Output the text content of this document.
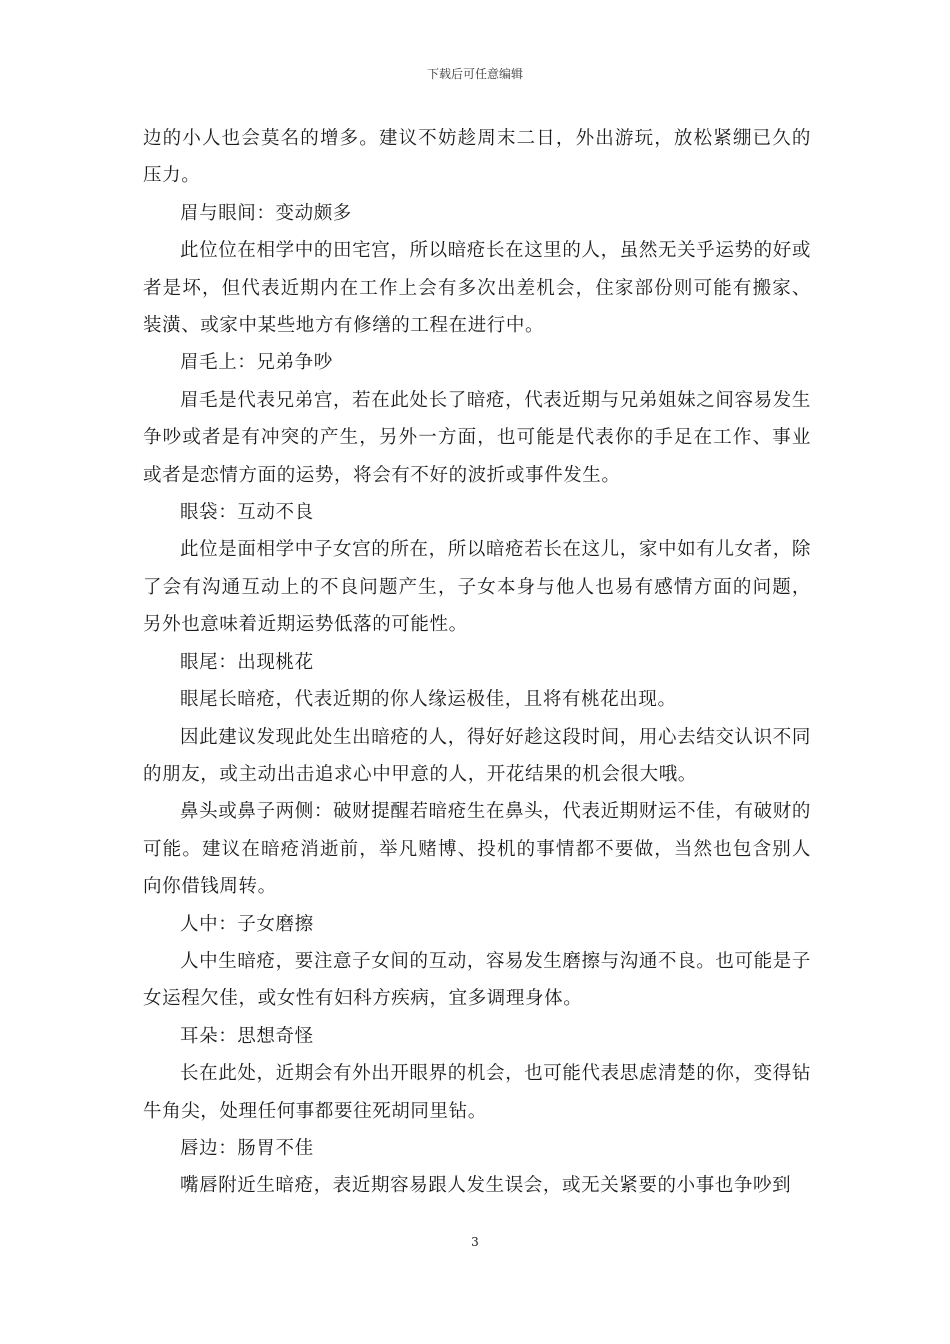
下载后可任意编辑

边的小人也会莫名的增多。建议不妨趁周末二日，外出游玩，放松紧绷已久的压力。

眉与眼间：变动颇多

此位位在相学中的田宅宫，所以暗疮长在这里的人，虽然无关乎运势的好或者是坏，但代表近期内在工作上会有多次出差机会，住家部份则可能有搬家、装潢、或家中某些地方有修缮的工程在进行中。

眉毛上：兄弟争吵

眉毛是代表兄弟宫，若在此处长了暗疮，代表近期与兄弟姐妹之间容易发生争吵或者是有冲突的产生，另外一方面，也可能是代表你的手足在工作、事业或者是恋情方面的运势，将会有不好的波折或事件发生。

眼袋：互动不良

此位是面相学中子女宫的所在，所以暗疮若长在这儿，家中如有儿女者，除了会有沟通互动上的不良问题产生，子女本身与他人也易有感情方面的问题，另外也意味着近期运势低落的可能性。

眼尾：出现桃花

眼尾长暗疮，代表近期的你人缘运极佳，且将有桃花出现。

因此建议发现此处生出暗疮的人，得好好趁这段时间，用心去结交认识不同的朋友，或主动出击追求心中甲意的人，开花结果的机会很大哦。

鼻头或鼻子两侧：破财提醒若暗疮生在鼻头，代表近期财运不佳，有破财的可能。建议在暗疮消逝前，举凡赌博、投机的事情都不要做，当然也包含别人向你借钱周转。

人中：子女磨擦

人中生暗疮，要注意子女间的互动，容易发生磨擦与沟通不良。也可能是子女运程欠佳，或女性有妇科方疾病，宜多调理身体。

耳朵：思想奇怪

长在此处，近期会有外出开眼界的机会，也可能代表思虑清楚的你，变得钻牛角尖，处理任何事都要往死胡同里钻。

唇边：肠胃不佳

嘴唇附近生暗疮，表近期容易跟人发生误会，或无关紧要的小事也争吵到

3
